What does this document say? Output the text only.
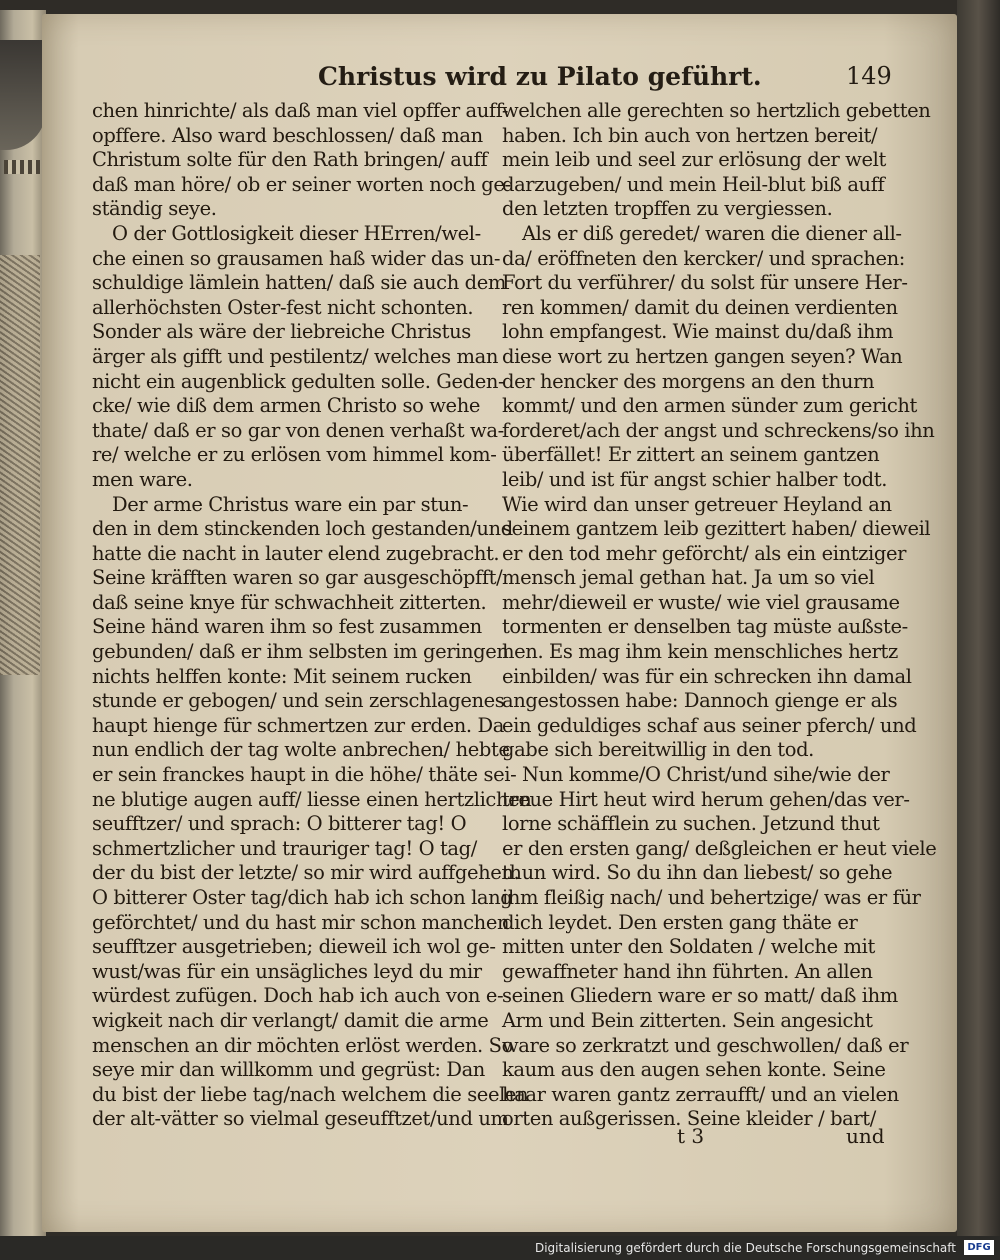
Christus wird zu Pilato geführt.	149
chen hinrichte/ als daß man viel opffer auff-
opffere. Also ward beschlossen/ daß man
Christum solte für den Rath bringen/ auff
daß man höre/ ob er seiner worten noch ge-
ständig seye.
O der Gottlosigkeit dieser HErren/wel-
che einen so grausamen haß wider das un-
schuldige lämlein hatten/ daß sie auch dem
allerhöchsten Oster-fest nicht schonten.
Sonder als wäre der liebreiche Christus
ärger als gifft und pestilentz/ welches man
nicht ein augenblick gedulten solle. Geden-
cke/ wie diß dem armen Christo so wehe
thate/ daß er so gar von denen verhaßt wa-
re/ welche er zu erlösen vom himmel kom-
men ware.
Der arme Christus ware ein par stun-
den in dem stinckenden loch gestanden/und
hatte die nacht in lauter elend zugebracht.
Seine kräfften waren so gar ausgeschöpfft/
daß seine knye für schwachheit zitterten.
Seine händ waren ihm so fest zusammen
gebunden/ daß er ihm selbsten im geringen
nichts helffen konte: Mit seinem rucken
stunde er gebogen/ und sein zerschlagenes
haupt hienge für schmertzen zur erden. Da
nun endlich der tag wolte anbrechen/ hebte
er sein franckes haupt in die höhe/ thäte sei-
ne blutige augen auff/ liesse einen hertzlichen
seufftzer/ und sprach: O bitterer tag! O
schmertzlicher und trauriger tag! O tag/
der du bist der letzte/ so mir wird auffgehen.
O bitterer Oster tag/dich hab ich schon lang
geförchtet/ und du hast mir schon manchen
seufftzer ausgetrieben; dieweil ich wol ge-
wust/was für ein unsägliches leyd du mir
würdest zufügen. Doch hab ich auch von e-
wigkeit nach dir verlangt/ damit die arme
menschen an dir möchten erlöst werden. So
seye mir dan willkomm und gegrüst: Dan
du bist der liebe tag/nach welchem die seelen
der alt-vätter so vielmal geseufftzet/und um
welchen alle gerechten so hertzlich gebetten
haben. Ich bin auch von hertzen bereit/
mein leib und seel zur erlösung der welt
darzugeben/ und mein Heil-blut biß auff
den letzten tropffen zu vergiessen.
Als er diß geredet/ waren die diener all-
da/ eröffneten den kercker/ und sprachen:
Fort du verführer/ du solst für unsere Her-
ren kommen/ damit du deinen verdienten
lohn empfangest. Wie mainst du/daß ihm
diese wort zu hertzen gangen seyen? Wan
der hencker des morgens an den thurn
kommt/ und den armen sünder zum gericht
forderet/ach der angst und schreckens/so ihn
überfället! Er zittert an seinem gantzen
leib/ und ist für angst schier halber todt.
Wie wird dan unser getreuer Heyland an
seinem gantzem leib gezittert haben/ dieweil
er den tod mehr geförcht/ als ein eintziger
mensch jemal gethan hat. Ja um so viel
mehr/dieweil er wuste/ wie viel grausame
tormenten er denselben tag müste außste-
hen. Es mag ihm kein menschliches hertz
einbilden/ was für ein schrecken ihn damal
angestossen habe: Dannoch gienge er als
ein geduldiges schaf aus seiner pferch/ und
gabe sich bereitwillig in den tod.
Nun komme/O Christ/und sihe/wie der
treue Hirt heut wird herum gehen/das ver-
lorne schäfflein zu suchen. Jetzund thut
er den ersten gang/ deßgleichen er heut viele
thun wird. So du ihn dan liebest/ so gehe
ihm fleißig nach/ und behertzige/ was er für
dich leydet. Den ersten gang thäte er
mitten unter den Soldaten / welche mit
gewaffneter hand ihn führten. An allen
seinen Gliedern ware er so matt/ daß ihm
Arm und Bein zitterten. Sein angesicht
ware so zerkratzt und geschwollen/ daß er
kaum aus den augen sehen konte. Seine
haar waren gantz zerraufft/ und an vielen
orten außgerissen. Seine kleider / bart/
t 3	und
Digitalisierung gefördert durch die Deutsche Forschungsgemeinschaft	DFG
